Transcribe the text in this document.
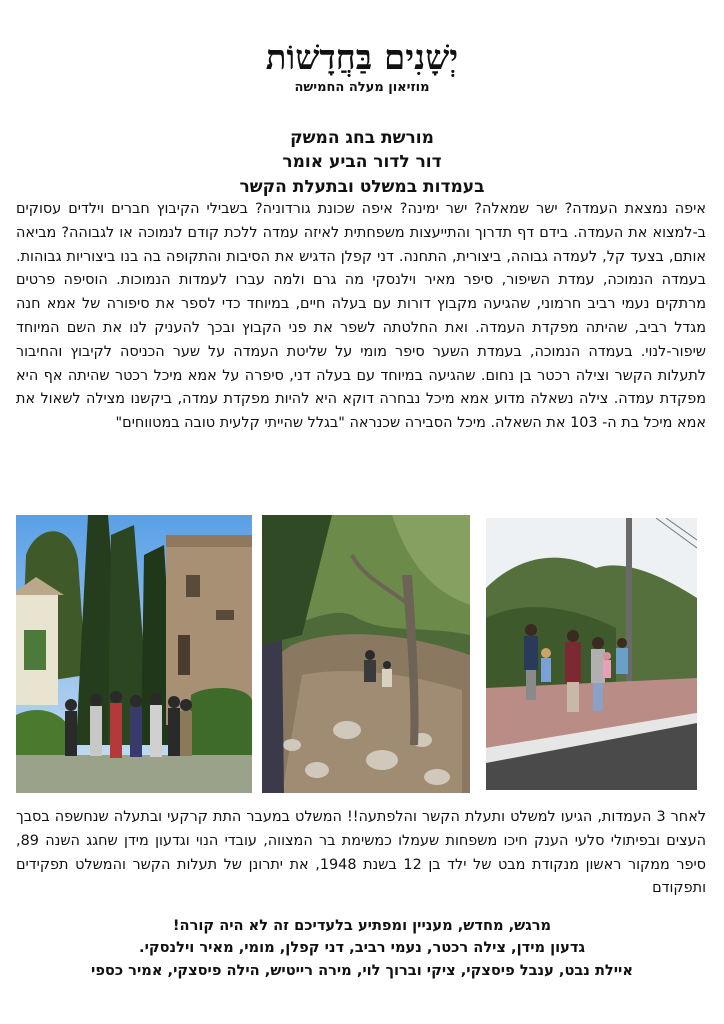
יְשָׁנִים בַּחֲדָשׁוֹת
מוזיאון מעלה החמישה
מורשת בחג המשק
דור לדור הביע אומר
בעמדות במשלט ובתעלת הקשר

איפה נמצאת העמדה? ישר שמאלה? ישר ימינה? איפה שכונת גורדוניה? בשבילי הקיבוץ חברים וילדים עסוקים ב-למצוא את העמדה. בידם דף תדרוך והתייעצות משפחתית לאיזה עמדה ללכת קודם לנמוכה או לגבוהה? מביאה אותם, בצעד קל, לעמדה גבוהה, ביצורית, התחנה. דני קפלן הדגיש את הסיבות והתקופה בה בנו ביצוריות גבוהות. בעמדה הנמוכה, עמדת השיפור, סיפר מאיר וילנסקי מה גרם ולמה עברו לעמדות הנמוכות. הוסיפה פרטים מרתקים נעמי רביב חרמוני, שהגיעה מקבוץ דורות עם בעלה חיים, במיוחד כדי לספר את סיפורה של אמא חנה מגדל רביב, שהיתה מפקדת העמדה. ואת החלטתה לשפר את פני הקבוץ ובכך להעניק לנו את השם המיוחד שיפור-לנוי. בעמדה הנמוכה, בעמדת השער סיפר מומי על שליטת העמדה על שער הכניסה לקיבוץ והחיבור לתעלות הקשר וצילה רכטר בן נחום. שהגיעה במיוחד עם בעלה דני, סיפרה על אמא מיכל רכטר שהיתה אף היא מפקדת עמדה. צילה נשאלה מדוע אמא מיכל נבחרה דוקא היא להיות מפקדת עמדה, ביקשנו מצילה לשאול את אמא מיכל בת ה- 103 את השאלה. מיכל הסבירה שכנראה "בגלל שהייתי קלעית טובה במטווחים"

לאחר 3 העמדות, הגיעו למשלט ותעלת הקשר והלפתעה!! המשלט במעבר התת קרקעי ובתעלה שנחשפה בסבך העצים ובפיתולי סלעי הענק חיכו משפחות שעמלו כמשימת בר המצווה, עובדי הנוי וגדעון מידן שחגג השנה 89, סיפר ממקור ראשון מנקודת מבט של ילד בן 12 בשנת 1948, את יתרונן של תעלות הקשר והמשלט תפקידים ותפקודם

מרגש, מחדש, מעניין ומפתיע בלעדיכם זה לא היה קורה!
גדעון מידן, צילה רכטר, נעמי רביב, דני קפלן, מומי, מאיר וילנסקי.
איילת נבט, ענבל פיסצקי, ציקי וברוך לוי, מירה רייטיש, הילה פיסצקי, אמיר כספי
